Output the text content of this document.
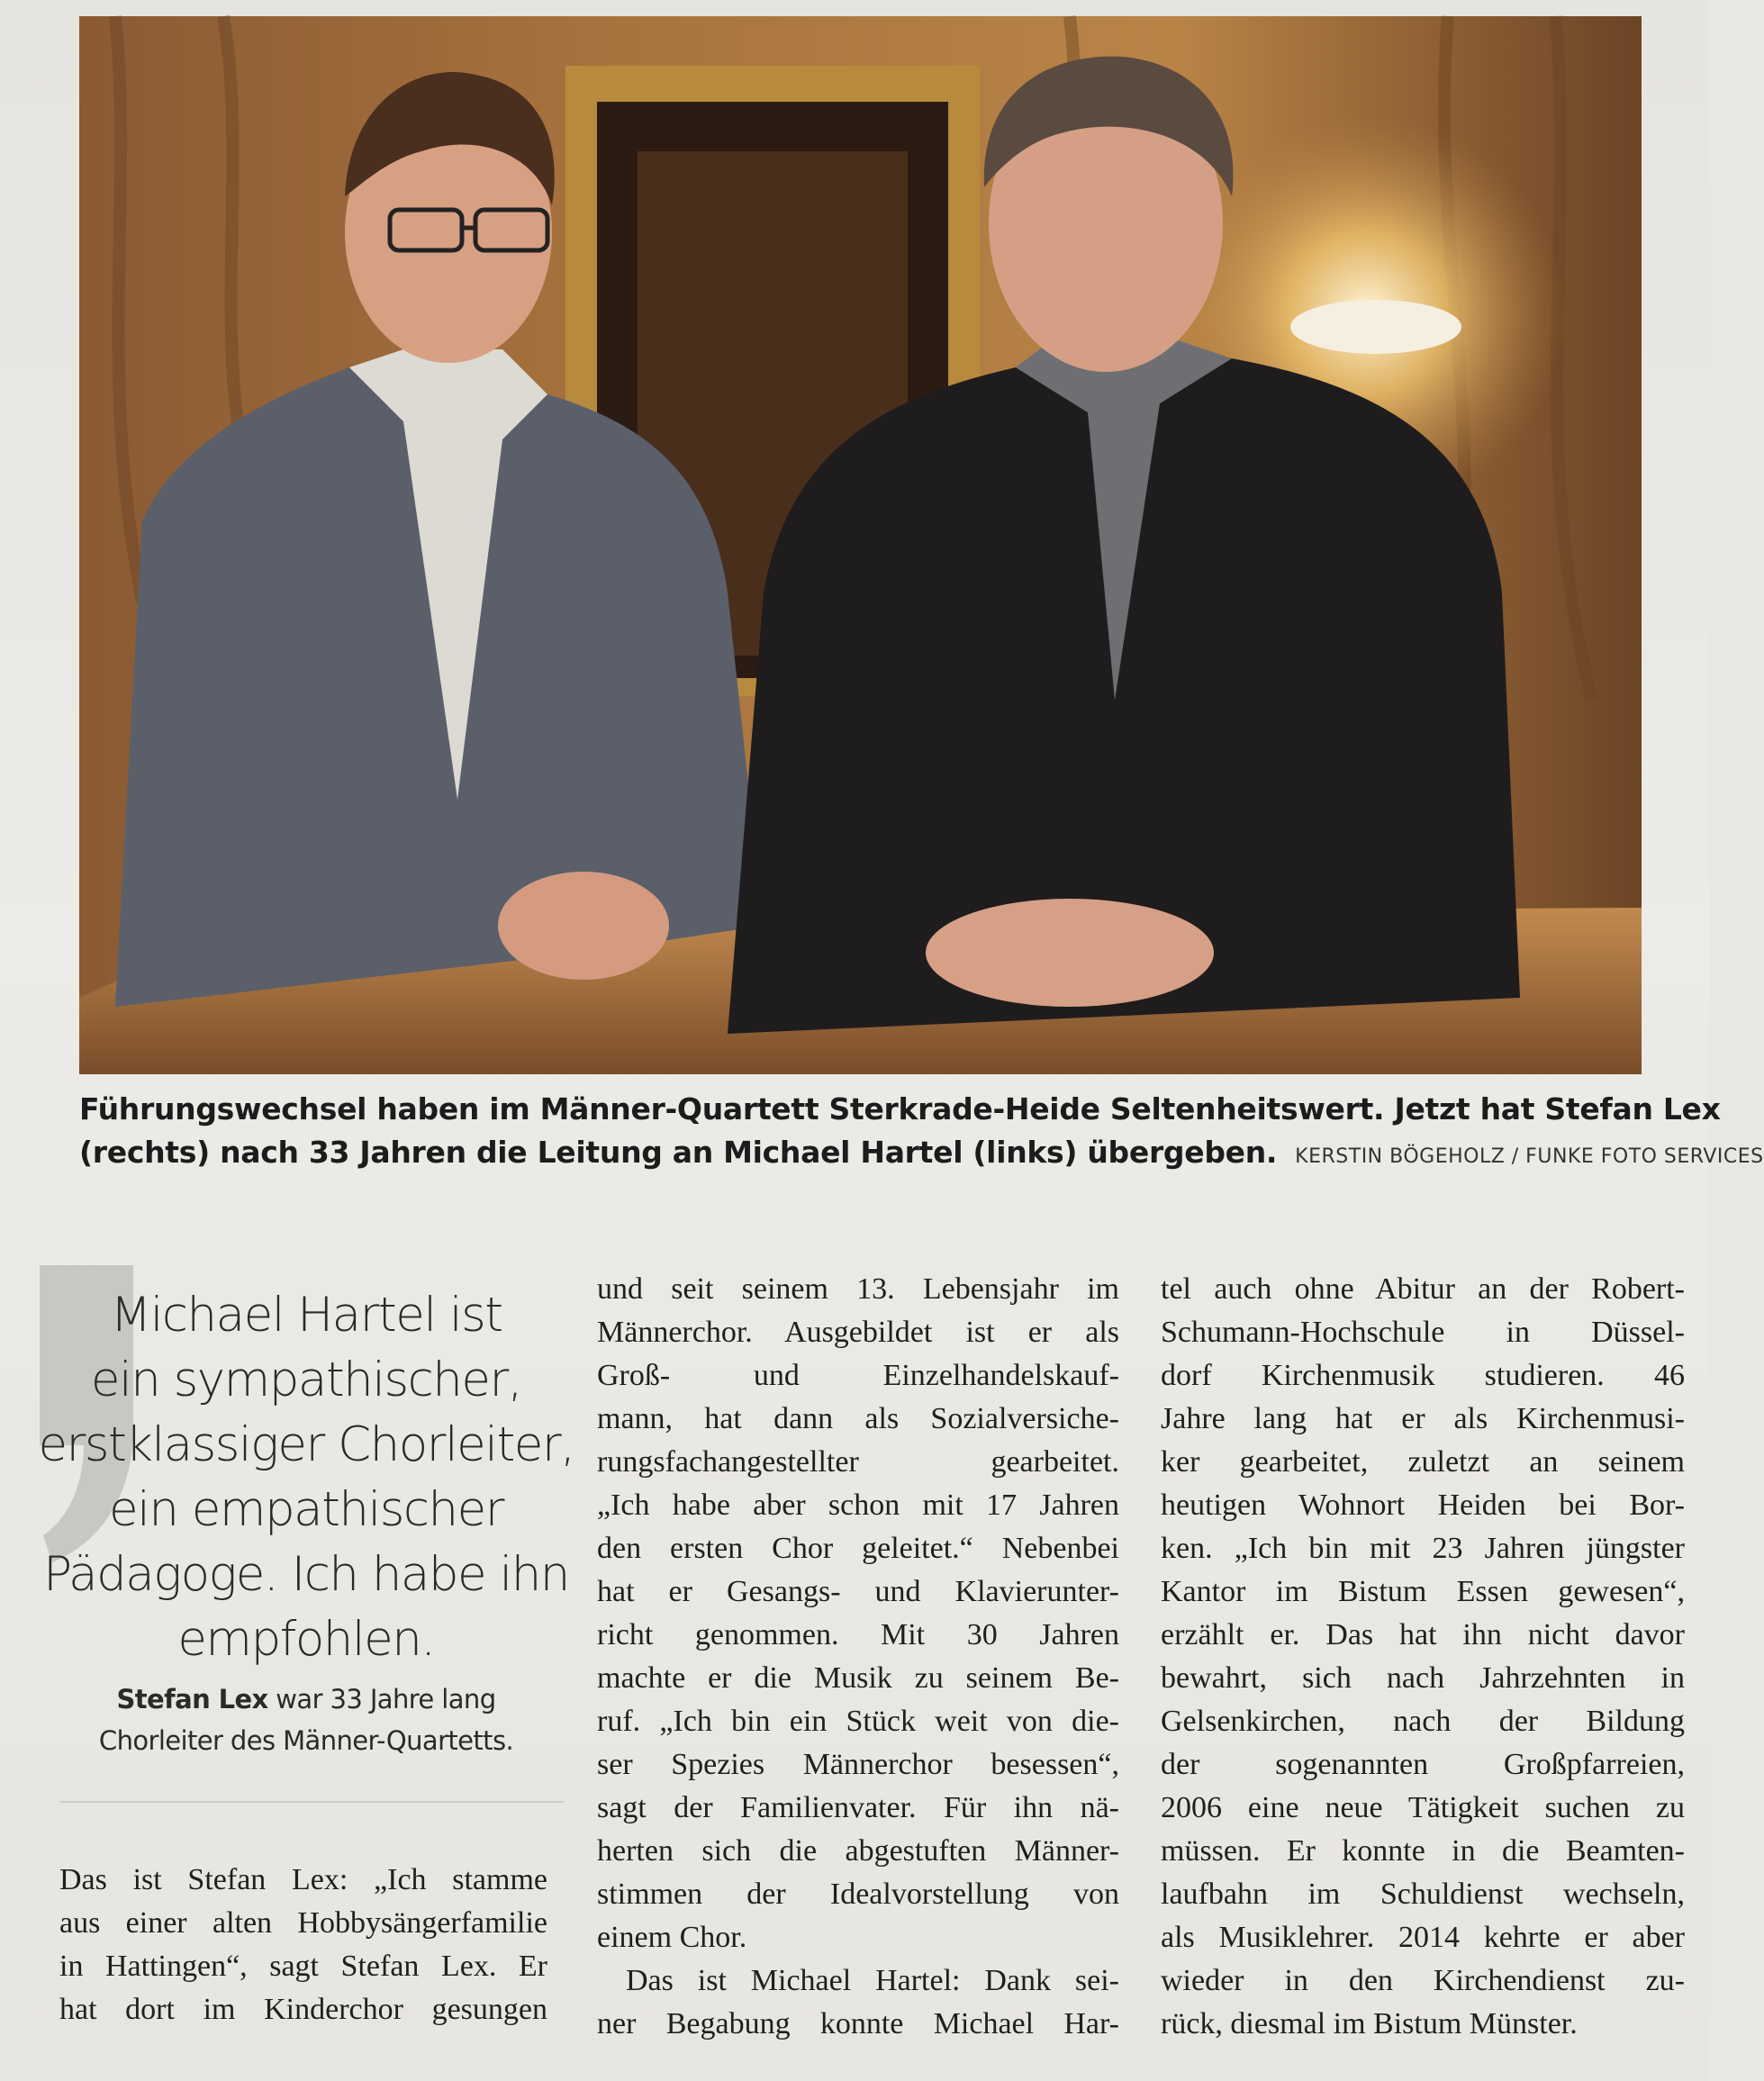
Führungswechsel haben im Männer-Quartett Sterkrade-Heide Seltenheitswert. Jetzt hat Stefan Lex
(rechts) nach 33 Jahren die Leitung an Michael Hartel (links) übergeben. KERSTIN BÖGEHOLZ / FUNKE FOTO SERVICES
Michael Hartel ist
ein sympathischer,
erstklassiger Chorleiter,
ein empathischer
Pädagoge. Ich habe ihn
empfohlen.
Stefan Lex war 33 Jahre lang
Chorleiter des Männer-Quartetts.
Das ist Stefan Lex: „Ich stamme
aus einer alten Hobbysängerfamilie
in Hattingen“, sagt Stefan Lex. Er
hat dort im Kinderchor gesungen
und seit seinem 13. Lebensjahr im
Männerchor. Ausgebildet ist er als
Groß- und Einzelhandelskauf-
mann, hat dann als Sozialversiche-
rungsfachangestellter gearbeitet.
„Ich habe aber schon mit 17 Jahren
den ersten Chor geleitet.“ Nebenbei
hat er Gesangs- und Klavierunter-
richt genommen. Mit 30 Jahren
machte er die Musik zu seinem Be-
ruf. „Ich bin ein Stück weit von die-
ser Spezies Männerchor besessen“,
sagt der Familienvater. Für ihn nä-
herten sich die abgestuften Männer-
stimmen der Idealvorstellung von
einem Chor.
Das ist Michael Hartel: Dank sei-
ner Begabung konnte Michael Har-
tel auch ohne Abitur an der Robert-
Schumann-Hochschule in Düssel-
dorf Kirchenmusik studieren. 46
Jahre lang hat er als Kirchenmusi-
ker gearbeitet, zuletzt an seinem
heutigen Wohnort Heiden bei Bor-
ken. „Ich bin mit 23 Jahren jüngster
Kantor im Bistum Essen gewesen“,
erzählt er. Das hat ihn nicht davor
bewahrt, sich nach Jahrzehnten in
Gelsenkirchen, nach der Bildung
der sogenannten Großpfarreien,
2006 eine neue Tätigkeit suchen zu
müssen. Er konnte in die Beamten-
laufbahn im Schuldienst wechseln,
als Musiklehrer. 2014 kehrte er aber
wieder in den Kirchendienst zu-
rück, diesmal im Bistum Münster.
